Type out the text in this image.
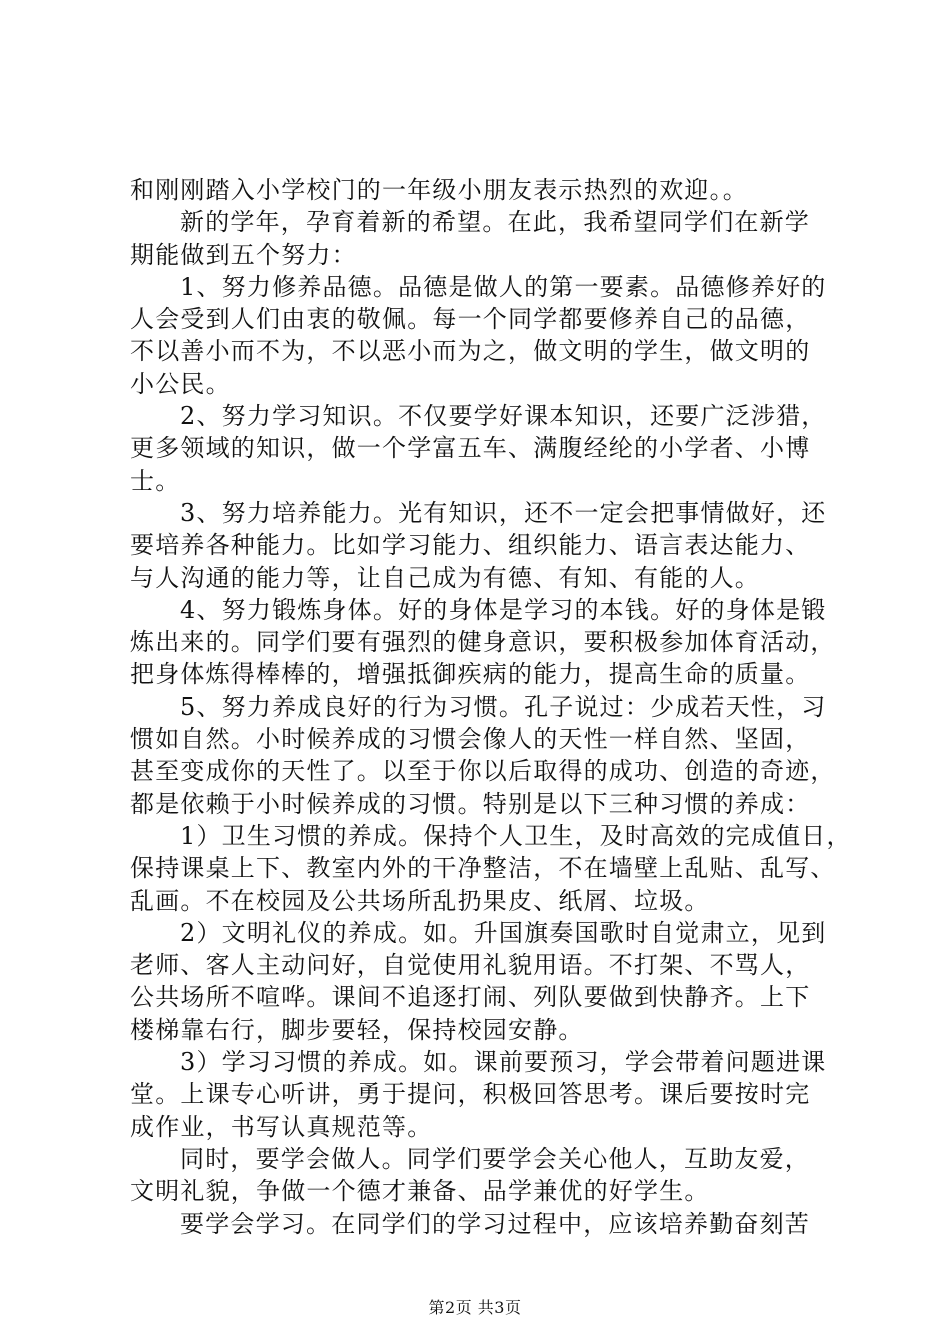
和刚刚踏入小学校门的一年级小朋友表示热烈的欢迎。。
新的学年，孕育着新的希望。在此，我希望同学们在新学
期能做到五个努力：
1、努力修养品德。品德是做人的第一要素。品德修养好的
人会受到人们由衷的敬佩。每一个同学都要修养自己的品德，
不以善小而不为，不以恶小而为之，做文明的学生，做文明的
小公民。
2、努力学习知识。不仅要学好课本知识，还要广泛涉猎，
更多领域的知识，做一个学富五车、满腹经纶的小学者、小博
士。
3、努力培养能力。光有知识，还不一定会把事情做好，还
要培养各种能力。比如学习能力、组织能力、语言表达能力、
与人沟通的能力等，让自己成为有德、有知、有能的人。
4、努力锻炼身体。好的身体是学习的本钱。好的身体是锻
炼出来的。同学们要有强烈的健身意识，要积极参加体育活动，
把身体炼得棒棒的，增强抵御疾病的能力，提高生命的质量。
5、努力养成良好的行为习惯。孔子说过：少成若天性，习
惯如自然。小时候养成的习惯会像人的天性一样自然、坚固，
甚至变成你的天性了。以至于你以后取得的成功、创造的奇迹，
都是依赖于小时候养成的习惯。特别是以下三种习惯的养成：
1）卫生习惯的养成。保持个人卫生，及时高效的完成值日，
保持课桌上下、教室内外的干净整洁，不在墙壁上乱贴、乱写、
乱画。不在校园及公共场所乱扔果皮、纸屑、垃圾。
2）文明礼仪的养成。如。升国旗奏国歌时自觉肃立，见到
老师、客人主动问好，自觉使用礼貌用语。不打架、不骂人，
公共场所不喧哗。课间不追逐打闹、列队要做到快静齐。上下
楼梯靠右行，脚步要轻，保持校园安静。
3）学习习惯的养成。如。课前要预习，学会带着问题进课
堂。上课专心听讲，勇于提问，积极回答思考。课后要按时完
成作业，书写认真规范等。
同时，要学会做人。同学们要学会关心他人，互助友爱，
文明礼貌，争做一个德才兼备、品学兼优的好学生。
要学会学习。在同学们的学习过程中，应该培养勤奋刻苦
第2页 共3页
